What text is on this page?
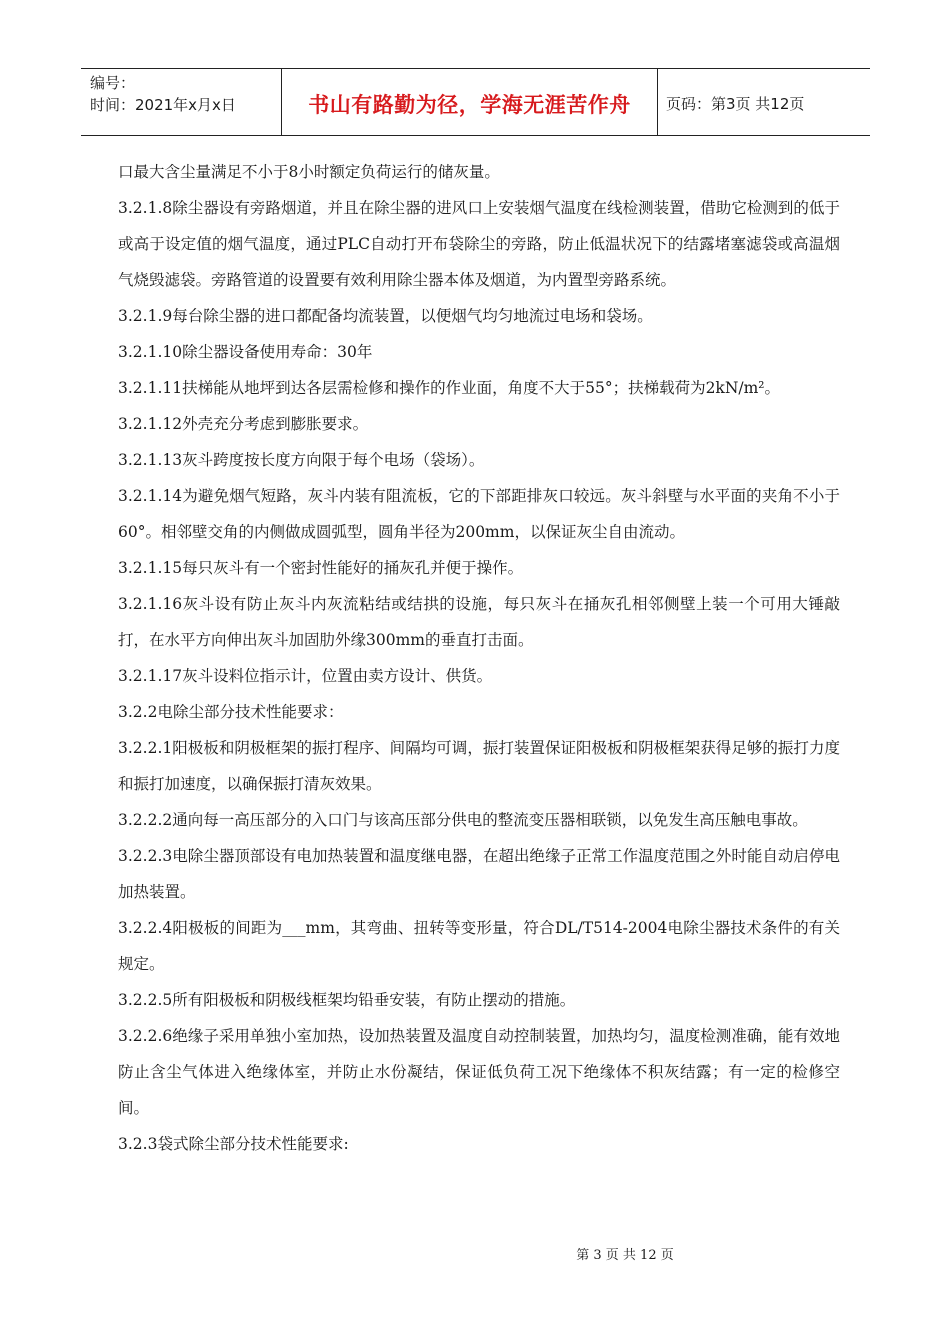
编号：
时间：2021年x月x日	书山有路勤为径，学海无涯苦作舟 页码：第3页 共12页

口最大含尘量满足不小于8小时额定负荷运行的储灰量。

3.2.1.8除尘器设有旁路烟道，并且在除尘器的进风口上安装烟气温度在线检测装置，借助它检测到的低于或高于设定值的烟气温度，通过PLC自动打开布袋除尘的旁路，防止低温状况下的结露堵塞滤袋或高温烟气烧毁滤袋。旁路管道的设置要有效利用除尘器本体及烟道，为内置型旁路系统。

3.2.1.9每台除尘器的进口都配备均流装置，以便烟气均匀地流过电场和袋场。

3.2.1.10除尘器设备使用寿命：30年

3.2.1.11扶梯能从地坪到达各层需检修和操作的作业面，角度不大于55°；扶梯载荷为2kN/m²。

3.2.1.12外壳充分考虑到膨胀要求。

3.2.1.13灰斗跨度按长度方向限于每个电场（袋场）。

3.2.1.14为避免烟气短路，灰斗内装有阻流板，它的下部距排灰口较远。灰斗斜壁与水平面的夹角不小于60°。相邻壁交角的内侧做成圆弧型，圆角半径为200mm，以保证灰尘自由流动。

3.2.1.15每只灰斗有一个密封性能好的捅灰孔并便于操作。

3.2.1.16灰斗设有防止灰斗内灰流粘结或结拱的设施，每只灰斗在捅灰孔相邻侧壁上装一个可用大锤敲打，在水平方向伸出灰斗加固肋外缘300mm的垂直打击面。

3.2.1.17灰斗设料位指示计，位置由卖方设计、供货。

3.2.2电除尘部分技术性能要求：

3.2.2.1阳极板和阴极框架的振打程序、间隔均可调，振打装置保证阳极板和阴极框架获得足够的振打力度和振打加速度，以确保振打清灰效果。

3.2.2.2通向每一高压部分的入口门与该高压部分供电的整流变压器相联锁，以免发生高压触电事故。

3.2.2.3电除尘器顶部设有电加热装置和温度继电器，在超出绝缘子正常工作温度范围之外时能自动启停电加热装置。

3.2.2.4阳极板的间距为___mm，其弯曲、扭转等变形量，符合DL/T514-2004电除尘器技术条件的有关规定。

3.2.2.5所有阳极板和阴极线框架均铅垂安装，有防止摆动的措施。

3.2.2.6绝缘子采用单独小室加热，设加热装置及温度自动控制装置，加热均匀，温度检测准确，能有效地防止含尘气体进入绝缘体室，并防止水份凝结，保证低负荷工况下绝缘体不积灰结露；有一定的检修空间。

3.2.3袋式除尘部分技术性能要求:

第 3 页 共 12 页
